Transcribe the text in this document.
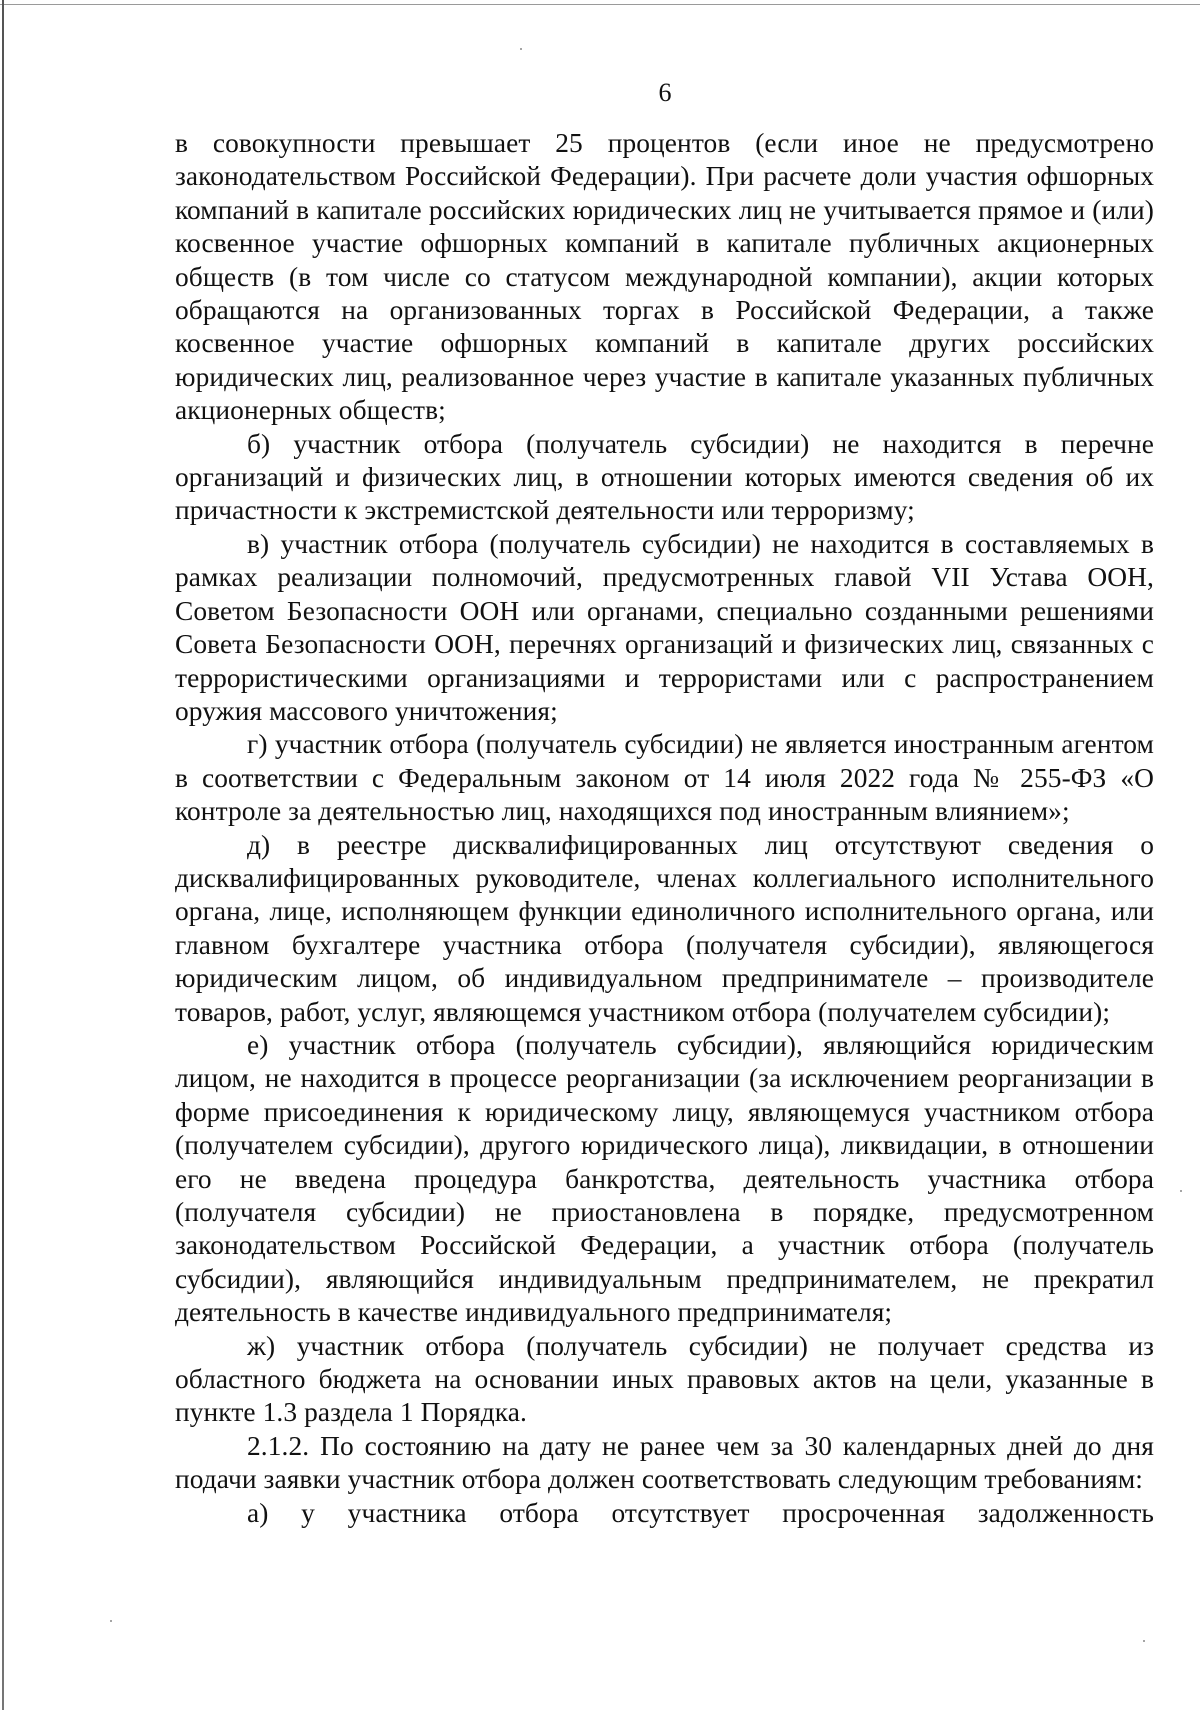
6

в совокупности превышает 25 процентов (если иное не предусмотрено законодательством Российской Федерации). При расчете доли участия офшорных компаний в капитале российских юридических лиц не учитывается прямое и (или) косвенное участие офшорных компаний в капитале публичных акционерных обществ (в том числе со статусом международной компании), акции которых обращаются на организованных торгах в Российской Федерации, а также косвенное участие офшорных компаний в капитале других российских юридических лиц, реализованное через участие в капитале указанных публичных акционерных обществ;

б) участник отбора (получатель субсидии) не находится в перечне организаций и физических лиц, в отношении которых имеются сведения об их причастности к экстремистской деятельности или терроризму;

в) участник отбора (получатель субсидии) не находится в составляемых в рамках реализации полномочий, предусмотренных главой VII Устава ООН, Советом Безопасности ООН или органами, специально созданными решениями Совета Безопасности ООН, перечнях организаций и физических лиц, связанных с террористическими организациями и террористами или с распространением оружия массового уничтожения;

г) участник отбора (получатель субсидии) не является иностранным агентом в соответствии с Федеральным законом от 14 июля 2022 года № 255-ФЗ «О контроле за деятельностью лиц, находящихся под иностранным влиянием»;

д) в реестре дисквалифицированных лиц отсутствуют сведения о дисквалифицированных руководителе, членах коллегиального исполнительного органа, лице, исполняющем функции единоличного исполнительного органа, или главном бухгалтере участника отбора (получателя субсидии), являющегося юридическим лицом, об индивидуальном предпринимателе – производителе товаров, работ, услуг, являющемся участником отбора (получателем субсидии);

е) участник отбора (получатель субсидии), являющийся юридическим лицом, не находится в процессе реорганизации (за исключением реорганизации в форме присоединения к юридическому лицу, являющемуся участником отбора (получателем субсидии), другого юридического лица), ликвидации, в отношении его не введена процедура банкротства, деятельность участника отбора (получателя субсидии) не приостановлена в порядке, предусмотренном законодательством Российской Федерации, а участник отбора (получатель субсидии), являющийся индивидуальным предпринимателем, не прекратил деятельность в качестве индивидуального предпринимателя;

ж) участник отбора (получатель субсидии) не получает средства из областного бюджета на основании иных правовых актов на цели, указанные в пункте 1.3 раздела 1 Порядка.

2.1.2. По состоянию на дату не ранее чем за 30 календарных дней до дня подачи заявки участник отбора должен соответствовать следующим требованиям:

а) у участника отбора отсутствует просроченная задолженность
